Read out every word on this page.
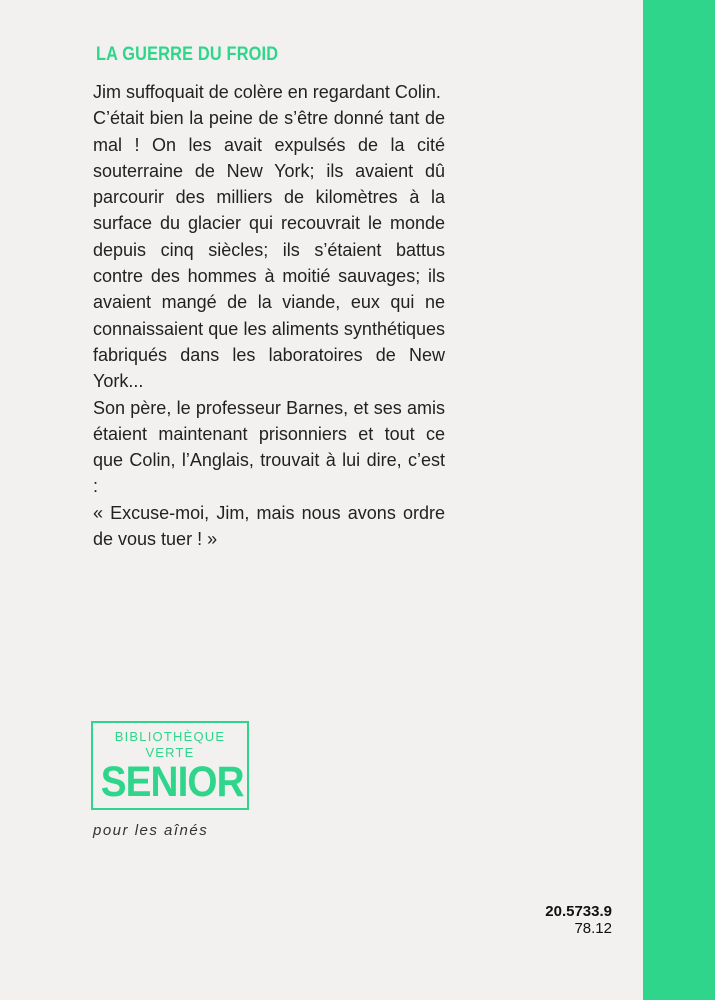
LA GUERRE DU FROID

Jim suffoquait de colère en regardant Colin.

C’était bien la peine de s’être donné tant de mal ! On les avait expulsés de la cité souterraine de New York; ils avaient dû parcourir des milliers de kilomètres à la surface du glacier qui recouvrait le monde depuis cinq siècles; ils s’étaient battus contre des hommes à moitié sauvages; ils avaient mangé de la viande, eux qui ne connaissaient que les aliments synthétiques fabriqués dans les laboratoires de New York...

Son père, le professeur Barnes, et ses amis étaient maintenant prisonniers et tout ce que Colin, l’Anglais, trouvait à lui dire, c’est :

« Excuse-moi, Jim, mais nous avons ordre de vous tuer ! »

BIBLIOTHÈQUE
VERTE
SENIOR
pour les aînés
20.5733.9
78.12
